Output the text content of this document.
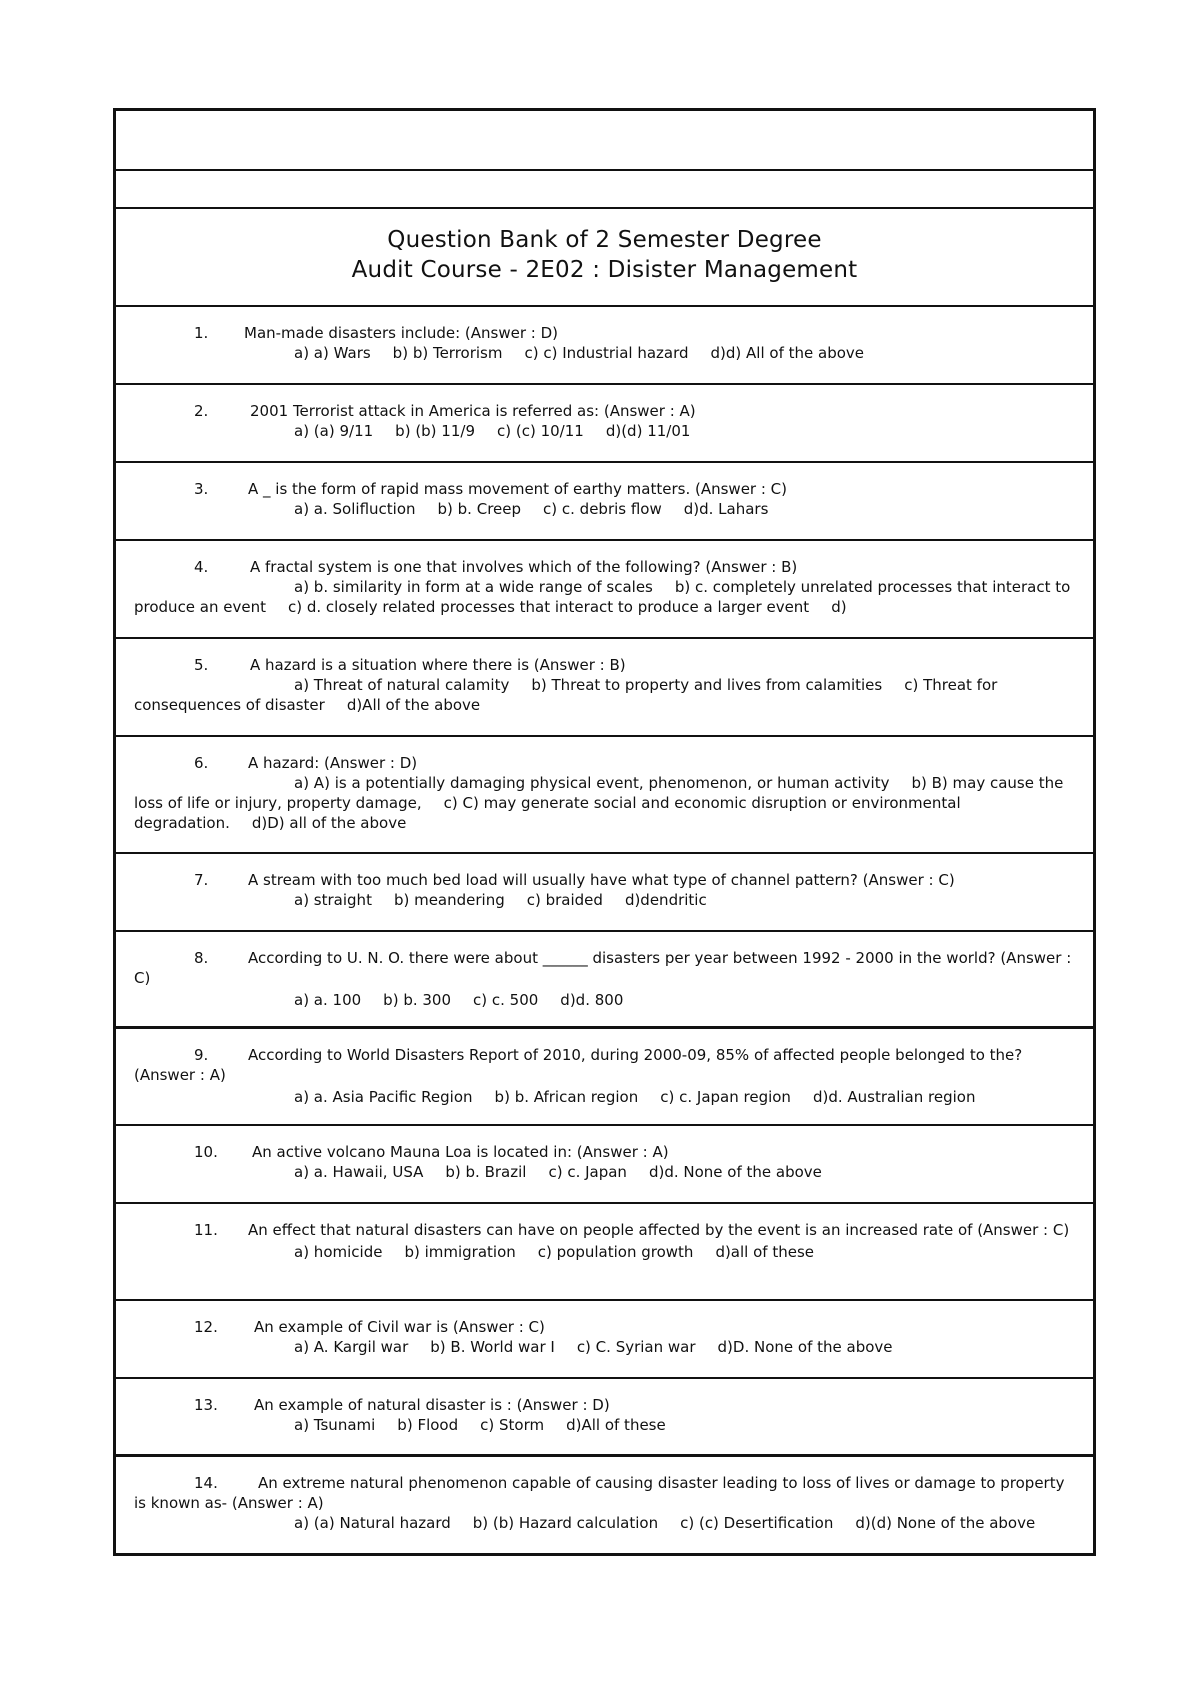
Question Bank of 2 Semester Degree
Audit Course - 2E02 : Disister Management
1. Man-made disasters include: (Answer : D)
a) a) Wars b) b) Terrorism c) c) Industrial hazard d)d) All of the above
2.	2001 Terrorist attack in America is referred as: (Answer : A)
a) (a) 9/11 b) (b) 11/9 c) (c) 10/11 d)(d) 11/01
3.	A _ is the form of rapid mass movement of earthy matters. (Answer : C)
a) a. Solifluction b) b. Creep c) c. debris flow d)d. Lahars
4.	A fractal system is one that involves which of the following? (Answer : B)
a) b. similarity in form at a wide range of scales b) c. completely unrelated processes that interact to produce an event c) d. closely related processes that interact to produce a larger event d)
5.	A hazard is a situation where there is (Answer : B)
a) Threat of natural calamity b) Threat to property and lives from calamities c) Threat for consequences of disaster d)All of the above
6.	A hazard: (Answer : D)
a) A) is a potentially damaging physical event, phenomenon, or human activity b) B) may cause the loss of life or injury, property damage, c) C) may generate social and economic disruption or environmental degradation. d)D) all of the above
7.	A stream with too much bed load will usually have what type of channel pattern? (Answer : C)
a) straight b) meandering c) braided d)dendritic
8.	According to U. N. O. there were about ______ disasters per year between 1992 - 2000 in the world? (Answer : C)
a) a. 100 b) b. 300 c) c. 500 d)d. 800
9.	According to World Disasters Report of 2010, during 2000-09, 85% of affected people belonged to the? (Answer : A)
a) a. Asia Pacific Region b) b. African region c) c. Japan region d)d. Australian region
10. An active volcano Mauna Loa is located in: (Answer : A)
a) a. Hawaii, USA b) b. Brazil c) c. Japan d)d. None of the above
11. An effect that natural disasters can have on people affected by the event is an increased rate of (Answer : C)
a) homicide b) immigration c) population growth d)all of these
12. An example of Civil war is (Answer : C)
a) A. Kargil war b) B. World war I c) C. Syrian war d)D. None of the above
13. An example of natural disaster is : (Answer : D)
a) Tsunami b) Flood c) Storm d)All of these
14.	An extreme natural phenomenon capable of causing disaster leading to loss of lives or damage to property is known as- (Answer : A)
a) (a) Natural hazard b) (b) Hazard calculation c) (c) Desertification d)(d) None of the above
